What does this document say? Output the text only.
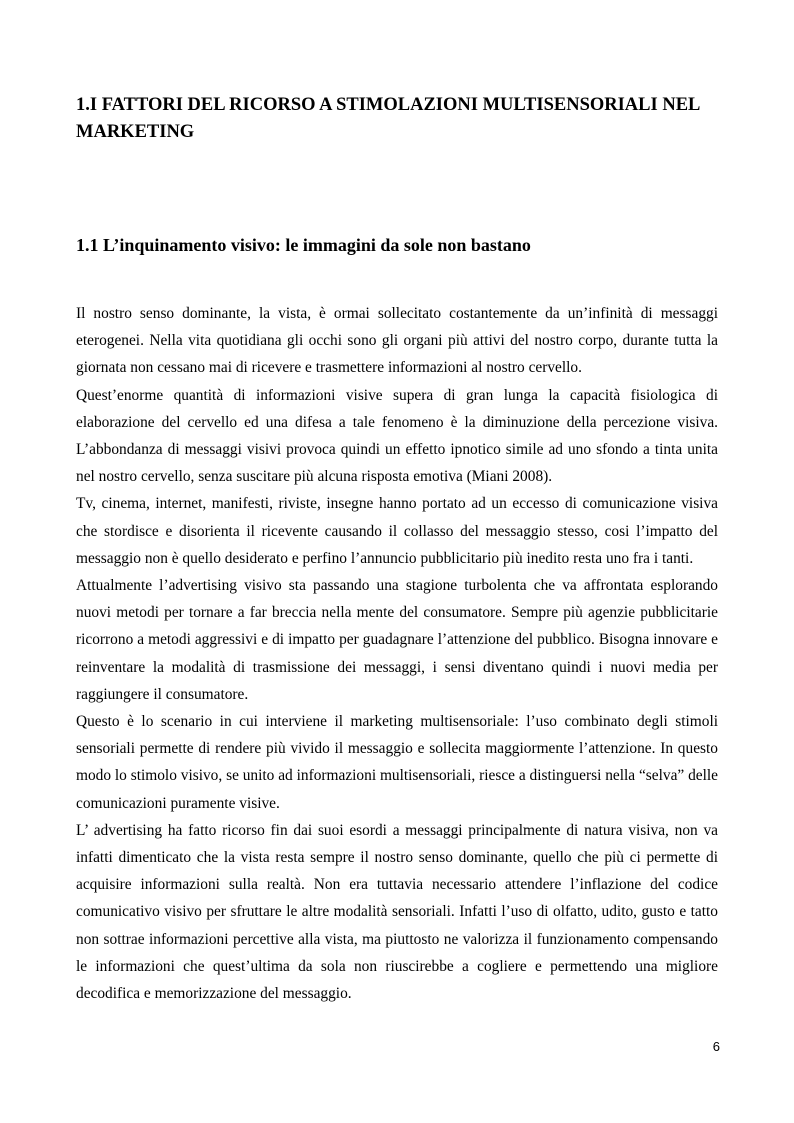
1.I FATTORI DEL RICORSO A STIMOLAZIONI MULTISENSORIALI NEL MARKETING
1.1 L’inquinamento visivo: le immagini da sole non bastano

Il nostro senso dominante, la vista, è ormai sollecitato costantemente da un’infinità di messaggi eterogenei. Nella vita quotidiana gli occhi sono gli organi più attivi del nostro corpo, durante tutta la giornata non cessano mai di ricevere e trasmettere informazioni al nostro cervello.

Quest’enorme quantità di informazioni visive supera di gran lunga la capacità fisiologica di elaborazione del cervello ed una difesa a tale fenomeno è la diminuzione della percezione visiva. L’abbondanza di messaggi visivi provoca quindi un effetto ipnotico simile ad uno sfondo a tinta unita nel nostro cervello, senza suscitare più alcuna risposta emotiva (Miani 2008).

Tv, cinema, internet, manifesti, riviste, insegne hanno portato ad un eccesso di comunicazione visiva che stordisce e disorienta il ricevente causando il collasso del messaggio stesso, cosi l’impatto del messaggio non è quello desiderato e perfino l’annuncio pubblicitario più inedito resta uno fra i tanti.

Attualmente l’advertising visivo sta passando una stagione turbolenta che va affrontata esplorando nuovi metodi per tornare a far breccia nella mente del consumatore. Sempre più agenzie pubblicitarie ricorrono a metodi aggressivi e di impatto per guadagnare l’attenzione del pubblico. Bisogna innovare e reinventare la modalità di trasmissione dei messaggi, i sensi diventano quindi i nuovi media per raggiungere il consumatore.

Questo è lo scenario in cui interviene il marketing multisensoriale: l’uso combinato degli stimoli sensoriali permette di rendere più vivido il messaggio e sollecita maggiormente l’attenzione. In questo modo lo stimolo visivo, se unito ad informazioni multisensoriali, riesce a distinguersi nella “selva” delle comunicazioni puramente visive.

L’ advertising ha fatto ricorso fin dai suoi esordi a messaggi principalmente di natura visiva, non va infatti dimenticato che la vista resta sempre il nostro senso dominante, quello che più ci permette di acquisire informazioni sulla realtà. Non era tuttavia necessario attendere l’inflazione del codice comunicativo visivo per sfruttare le altre modalità sensoriali. Infatti l’uso di olfatto, udito, gusto e tatto non sottrae informazioni percettive alla vista, ma piuttosto ne valorizza il funzionamento compensando le informazioni che quest’ultima da sola non riuscirebbe a cogliere e permettendo una migliore decodifica e memorizzazione del messaggio.

6
